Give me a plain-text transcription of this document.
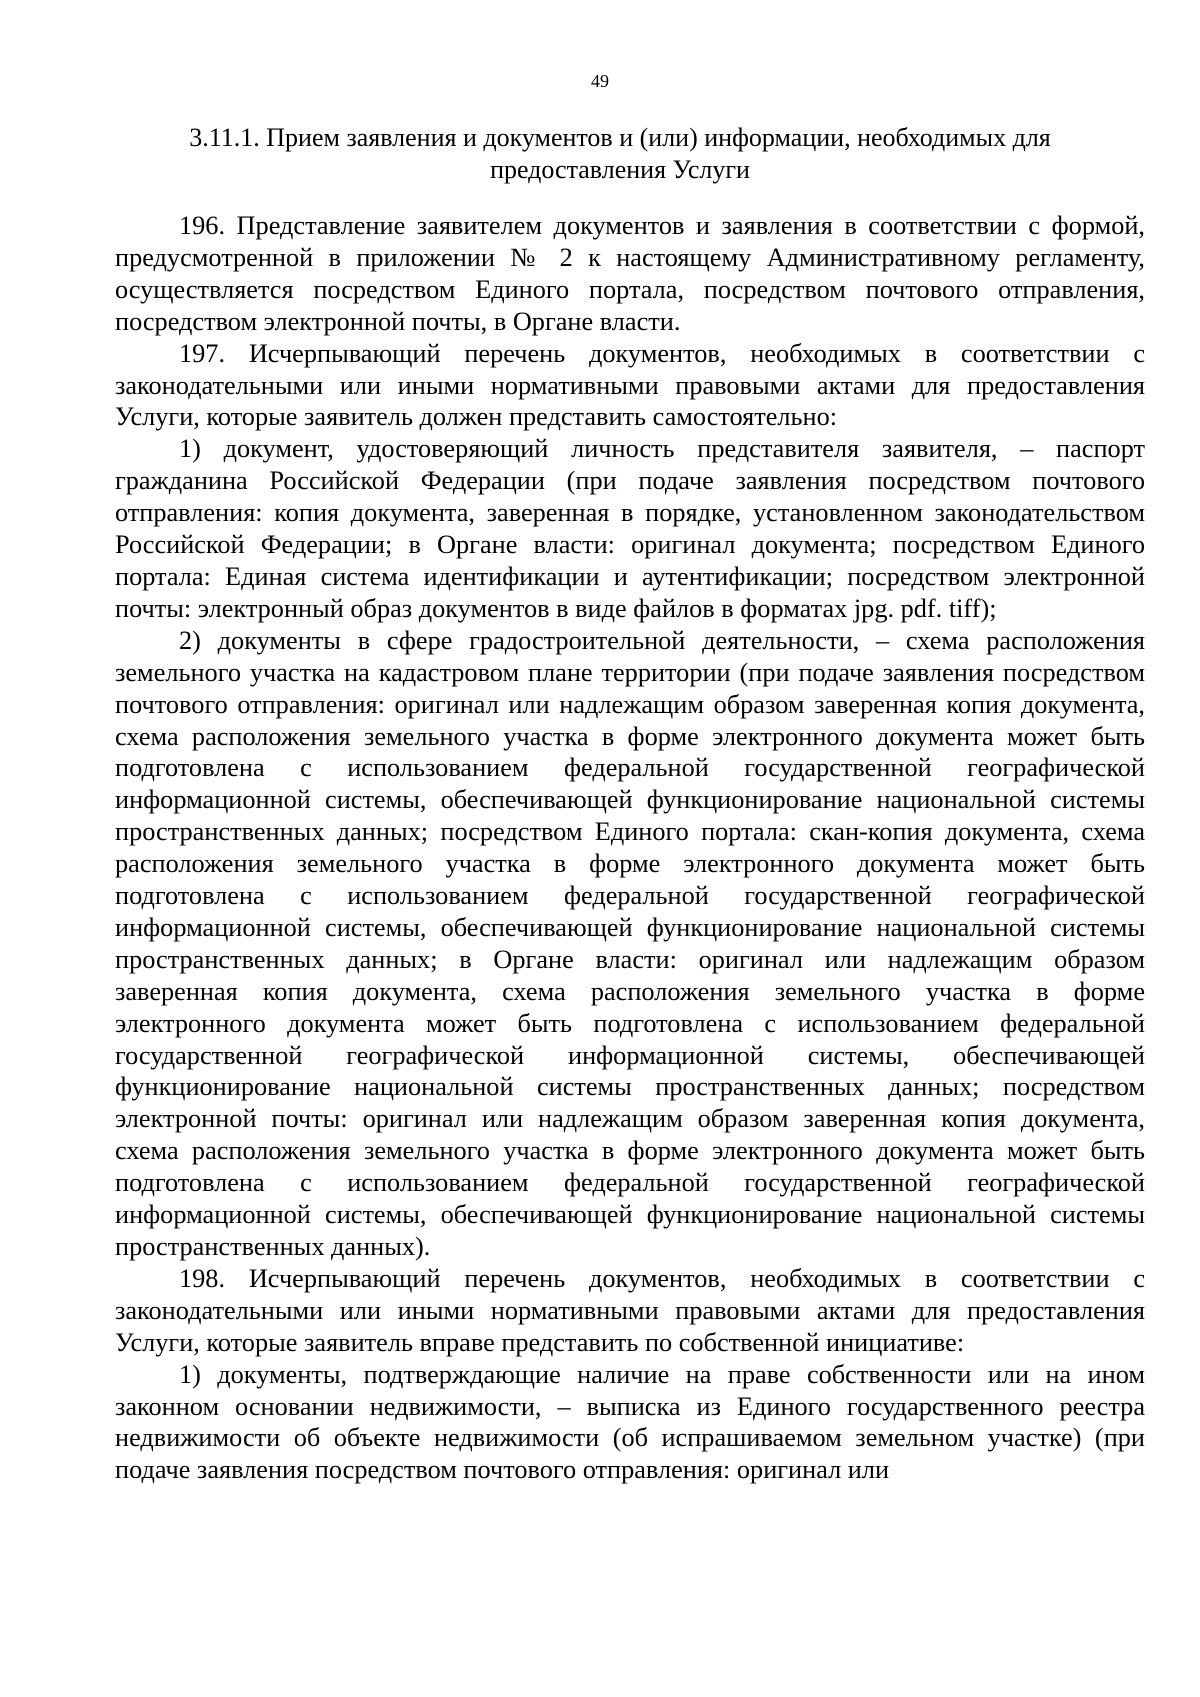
49
3.11.1. Прием заявления и документов и (или) информации, необходимых для предоставления Услуги

196. Представление заявителем документов и заявления в соответствии с формой, предусмотренной в приложении № 2 к настоящему Административному регламенту, осуществляется посредством Единого портала, посредством почтового отправления, посредством электронной почты, в Органе власти.

197. Исчерпывающий перечень документов, необходимых в соответствии с законодательными или иными нормативными правовыми актами для предоставления Услуги, которые заявитель должен представить самостоятельно:

1) документ, удостоверяющий личность представителя заявителя, – паспорт гражданина Российской Федерации (при подаче заявления посредством почтового отправления: копия документа, заверенная в порядке, установленном законодательством Российской Федерации; в Органе власти: оригинал документа; посредством Единого портала: Единая система идентификации и аутентификации; посредством электронной почты: электронный образ документов в виде файлов в форматах jpg. pdf. tiff);

2) документы в сфере градостроительной деятельности, – схема расположения земельного участка на кадастровом плане территории (при подаче заявления посредством почтового отправления: оригинал или надлежащим образом заверенная копия документа, схема расположения земельного участка в форме электронного документа может быть подготовлена с использованием федеральной государственной географической информационной системы, обеспечивающей функционирование национальной системы пространственных данных; посредством Единого портала: скан-копия документа, схема расположения земельного участка в форме электронного документа может быть подготовлена с использованием федеральной государственной географической информационной системы, обеспечивающей функционирование национальной системы пространственных данных; в Органе власти: оригинал или надлежащим образом заверенная копия документа, схема расположения земельного участка в форме электронного документа может быть подготовлена с использованием федеральной государственной географической информационной системы, обеспечивающей функционирование национальной системы пространственных данных; посредством электронной почты: оригинал или надлежащим образом заверенная копия документа, схема расположения земельного участка в форме электронного документа может быть подготовлена с использованием федеральной государственной географической информационной системы, обеспечивающей функционирование национальной системы пространственных данных).

198. Исчерпывающий перечень документов, необходимых в соответствии с законодательными или иными нормативными правовыми актами для предоставления Услуги, которые заявитель вправе представить по собственной инициативе:

1) документы, подтверждающие наличие на праве собственности или на ином законном основании недвижимости, – выписка из Единого государственного реестра недвижимости об объекте недвижимости (об испрашиваемом земельном участке) (при подаче заявления посредством почтового отправления: оригинал или
